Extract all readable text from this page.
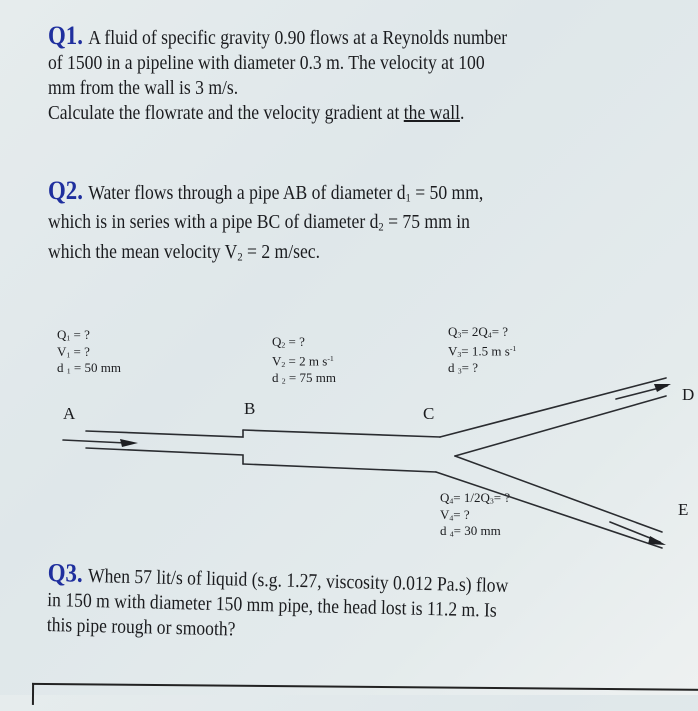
Q1. A fluid of specific gravity 0.90 flows at a Reynolds number

of 1500 in a pipeline with diameter 0.3 m. The velocity at 100

mm from the wall is 3 m/s.

Calculate the flowrate and the velocity gradient at the wall.

Q2. Water flows through a pipe AB of diameter $d_1 = 50$ mm,

which is in series with a pipe BC of diameter $d_2 = 75$ mm in

which the mean velocity $V_2 = 2$ m/sec.

$Q_1$ = ?
$V_1$ = ?
d $_1$ = 50 mm
$Q_2$ = ?
$V_2 = 2$ m $s^{-1}$
d $_2$ = 75 mm
$Q_3= 2Q_4=$ ?
$V_3= 1.5$ m $s^{-1}$
d $_3$= ?
$Q_4= 1/2Q_3=$ ?
$V_4=$ ?
d $_4$= 30 mm
A	B	C
D
E

Q3. When 57 lit/s of liquid (s.g. 1.27, viscosity 0.012 Pa.s) flow

in 150 m with diameter 150 mm pipe, the head lost is 11.2 m. Is

this pipe rough or smooth?
